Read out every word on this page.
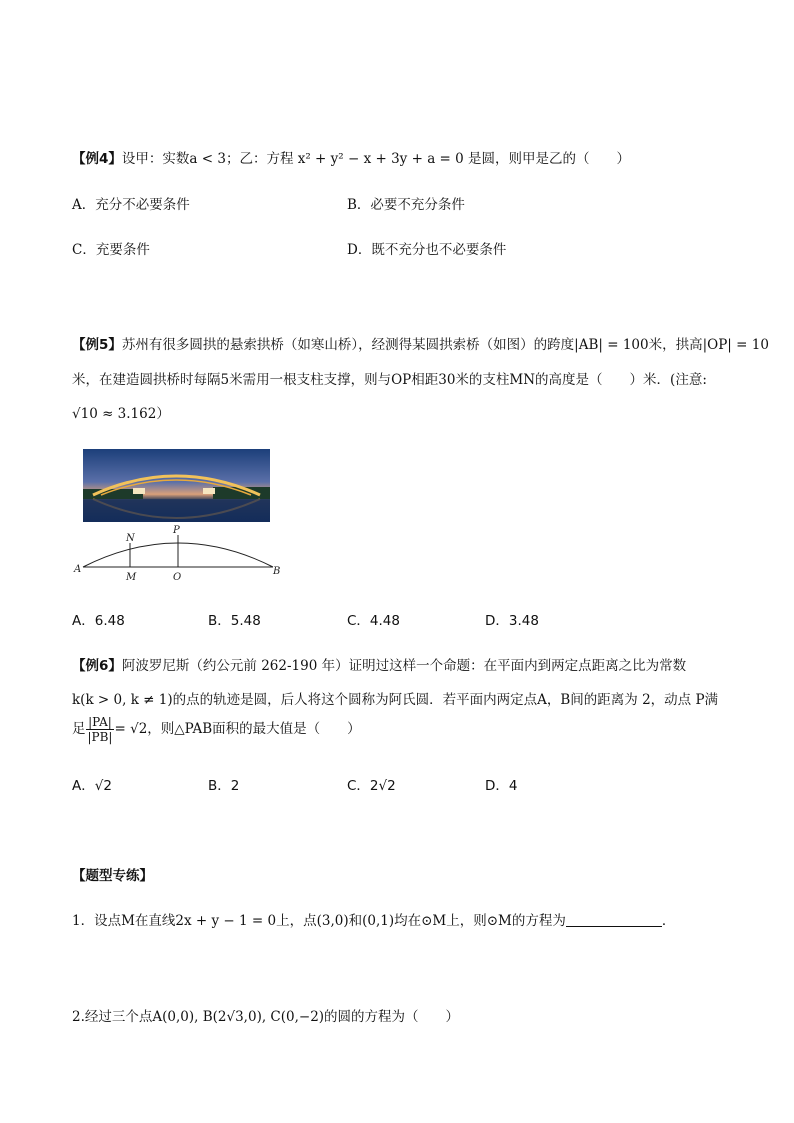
【例4】设甲：实数a < 3；乙：方程 x² + y² − x + 3y + a = 0 是圆，则甲是乙的（　　）
A．充分不必要条件	B．必要不充分条件
C．充要条件	D．既不充分也不必要条件
【例5】苏州有很多圆拱的悬索拱桥（如寒山桥），经测得某圆拱索桥（如图）的跨度|AB| = 100米，拱高|OP| = 10
米，在建造圆拱桥时每隔5米需用一根支柱支撑，则与OP相距30米的支柱MN的高度是（　　）米．(注意:
√10 ≈ 3.162）
A	B
M
N
O
P
A．6.48	B．5.48	C．4.48	D．3.48
【例6】阿波罗尼斯（约公元前 262-190 年）证明过这样一个命题：在平面内到两定点距离之比为常数
k(k > 0, k ≠ 1)的点的轨迹是圆，后人将这个圆称为阿氏圆．若平面内两定点A，B间的距离为 2，动点 P满
足 $\frac{|PA|}{|PB|} = √2$，则△PAB面积的最大值是（　　）
A．√2	B．2	C．2√2	D．4
【题型专练】
1．设点M在直线2x + y − 1 = 0上，点(3,0)和(0,1)均在⊙M上，则⊙M的方程为	．
2.经过三个点A(0,0), B(2√3,0), C(0,−2)的圆的方程为（　　）
